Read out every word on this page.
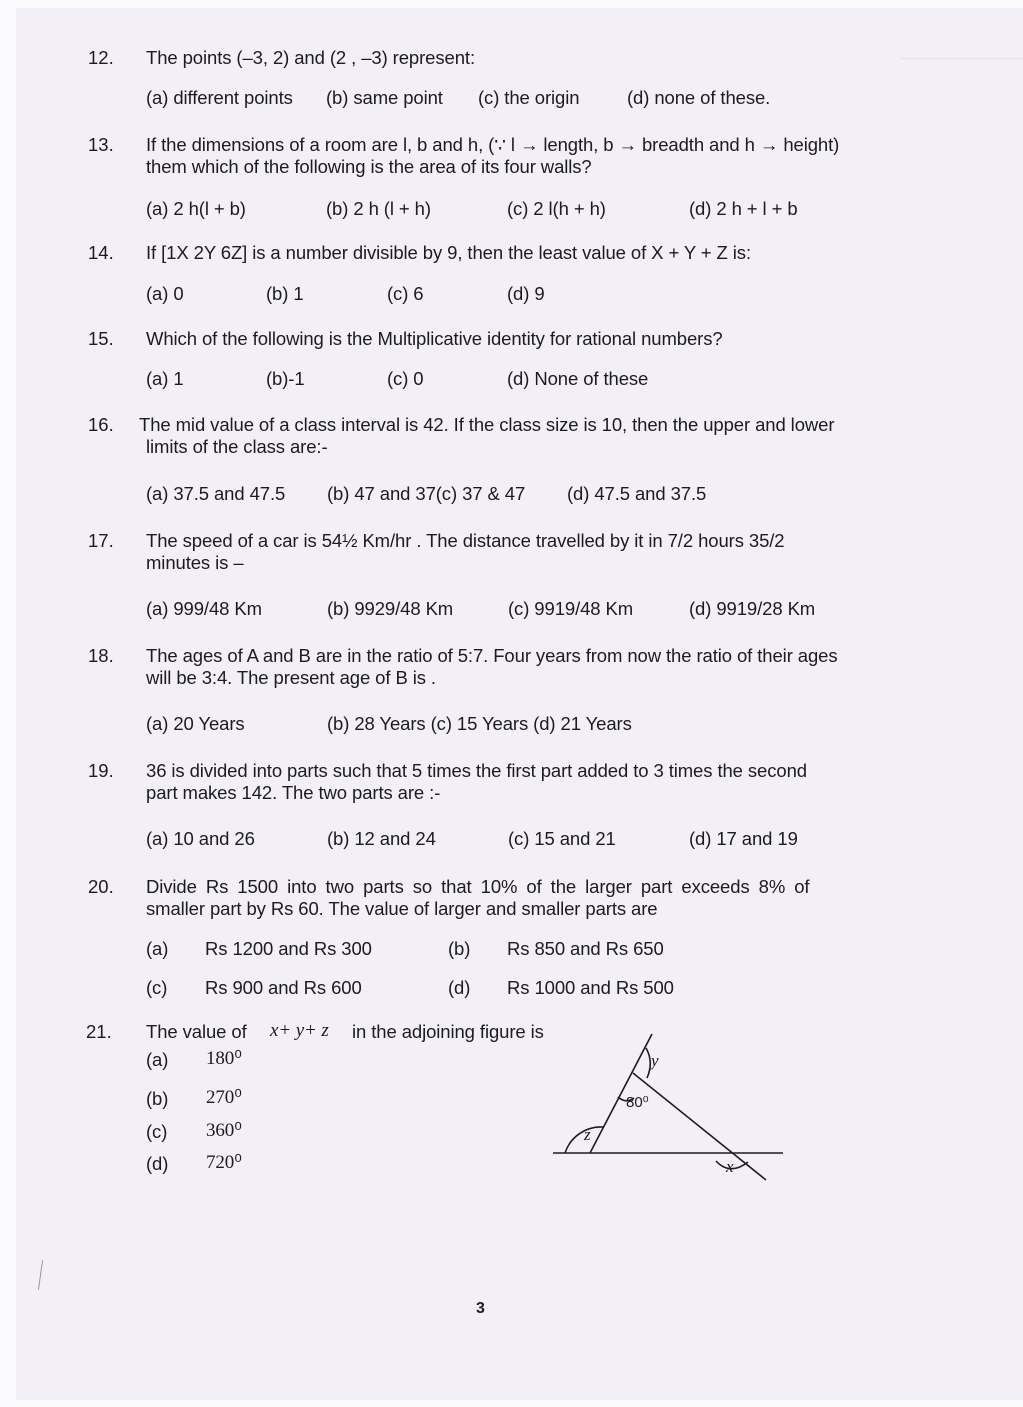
12. The points (–3, 2) and (2 , –3) represent:
(a) different points (b) same point (c) the origin	(d) none of these.
13. If the dimensions of a room are l, b and h, (∵ l → length, b → breadth and h → height)
them which of the following is the area of its four walls?
(a) 2 h(l + b)	(b) 2 h (l + h)	(c) 2 l(h + h)	(d) 2 h + l + b
14. If [1X 2Y 6Z] is a number divisible by 9, then the least value of X + Y + Z is:
(a) 0	(b) 1	(c) 6	(d) 9
15. Which of the following is the Multiplicative identity for rational numbers?
(a) 1	(b)-1	(c) 0	(d) None of these
16. The mid value of a class interval is 42. If the class size is 10, then the upper and lower
limits of the class are:-
(a) 37.5 and 47.5 (b) 47 and 37(c) 37 & 47 (d) 47.5 and 37.5
17. The speed of a car is 54½ Km/hr . The distance travelled by it in 7/2 hours 35/2
minutes is –
(a) 999/48 Km	(b) 9929/48 Km	(c) 9919/48 Km	(d) 9919/28 Km
18. The ages of A and B are in the ratio of 5:7. Four years from now the ratio of their ages
will be 3:4. The present age of B is .
(a) 20 Years	(b) 28 Years (c) 15 Years (d) 21 Years
19. 36 is divided into parts such that 5 times the first part added to 3 times the second
part makes 142. The two parts are :-
(a) 10 and 26	(b) 12 and 24	(c) 15 and 21	(d) 17 and 19
20. Divide Rs 1500 into two parts so that 10% of the larger part exceeds 8% of
smaller part by Rs 60. The value of larger and smaller parts are
(a) Rs 1200 and Rs 300	(b) Rs 850 and Rs 650
(c) Rs 900 and Rs 600	(d) Rs 1000 and Rs 500
21. The value of x+ y+ z in the adjoining figure is
(a) 180⁰
(b) 270⁰
(c) 360⁰
(d) 720⁰
y
80⁰
z
x
3
